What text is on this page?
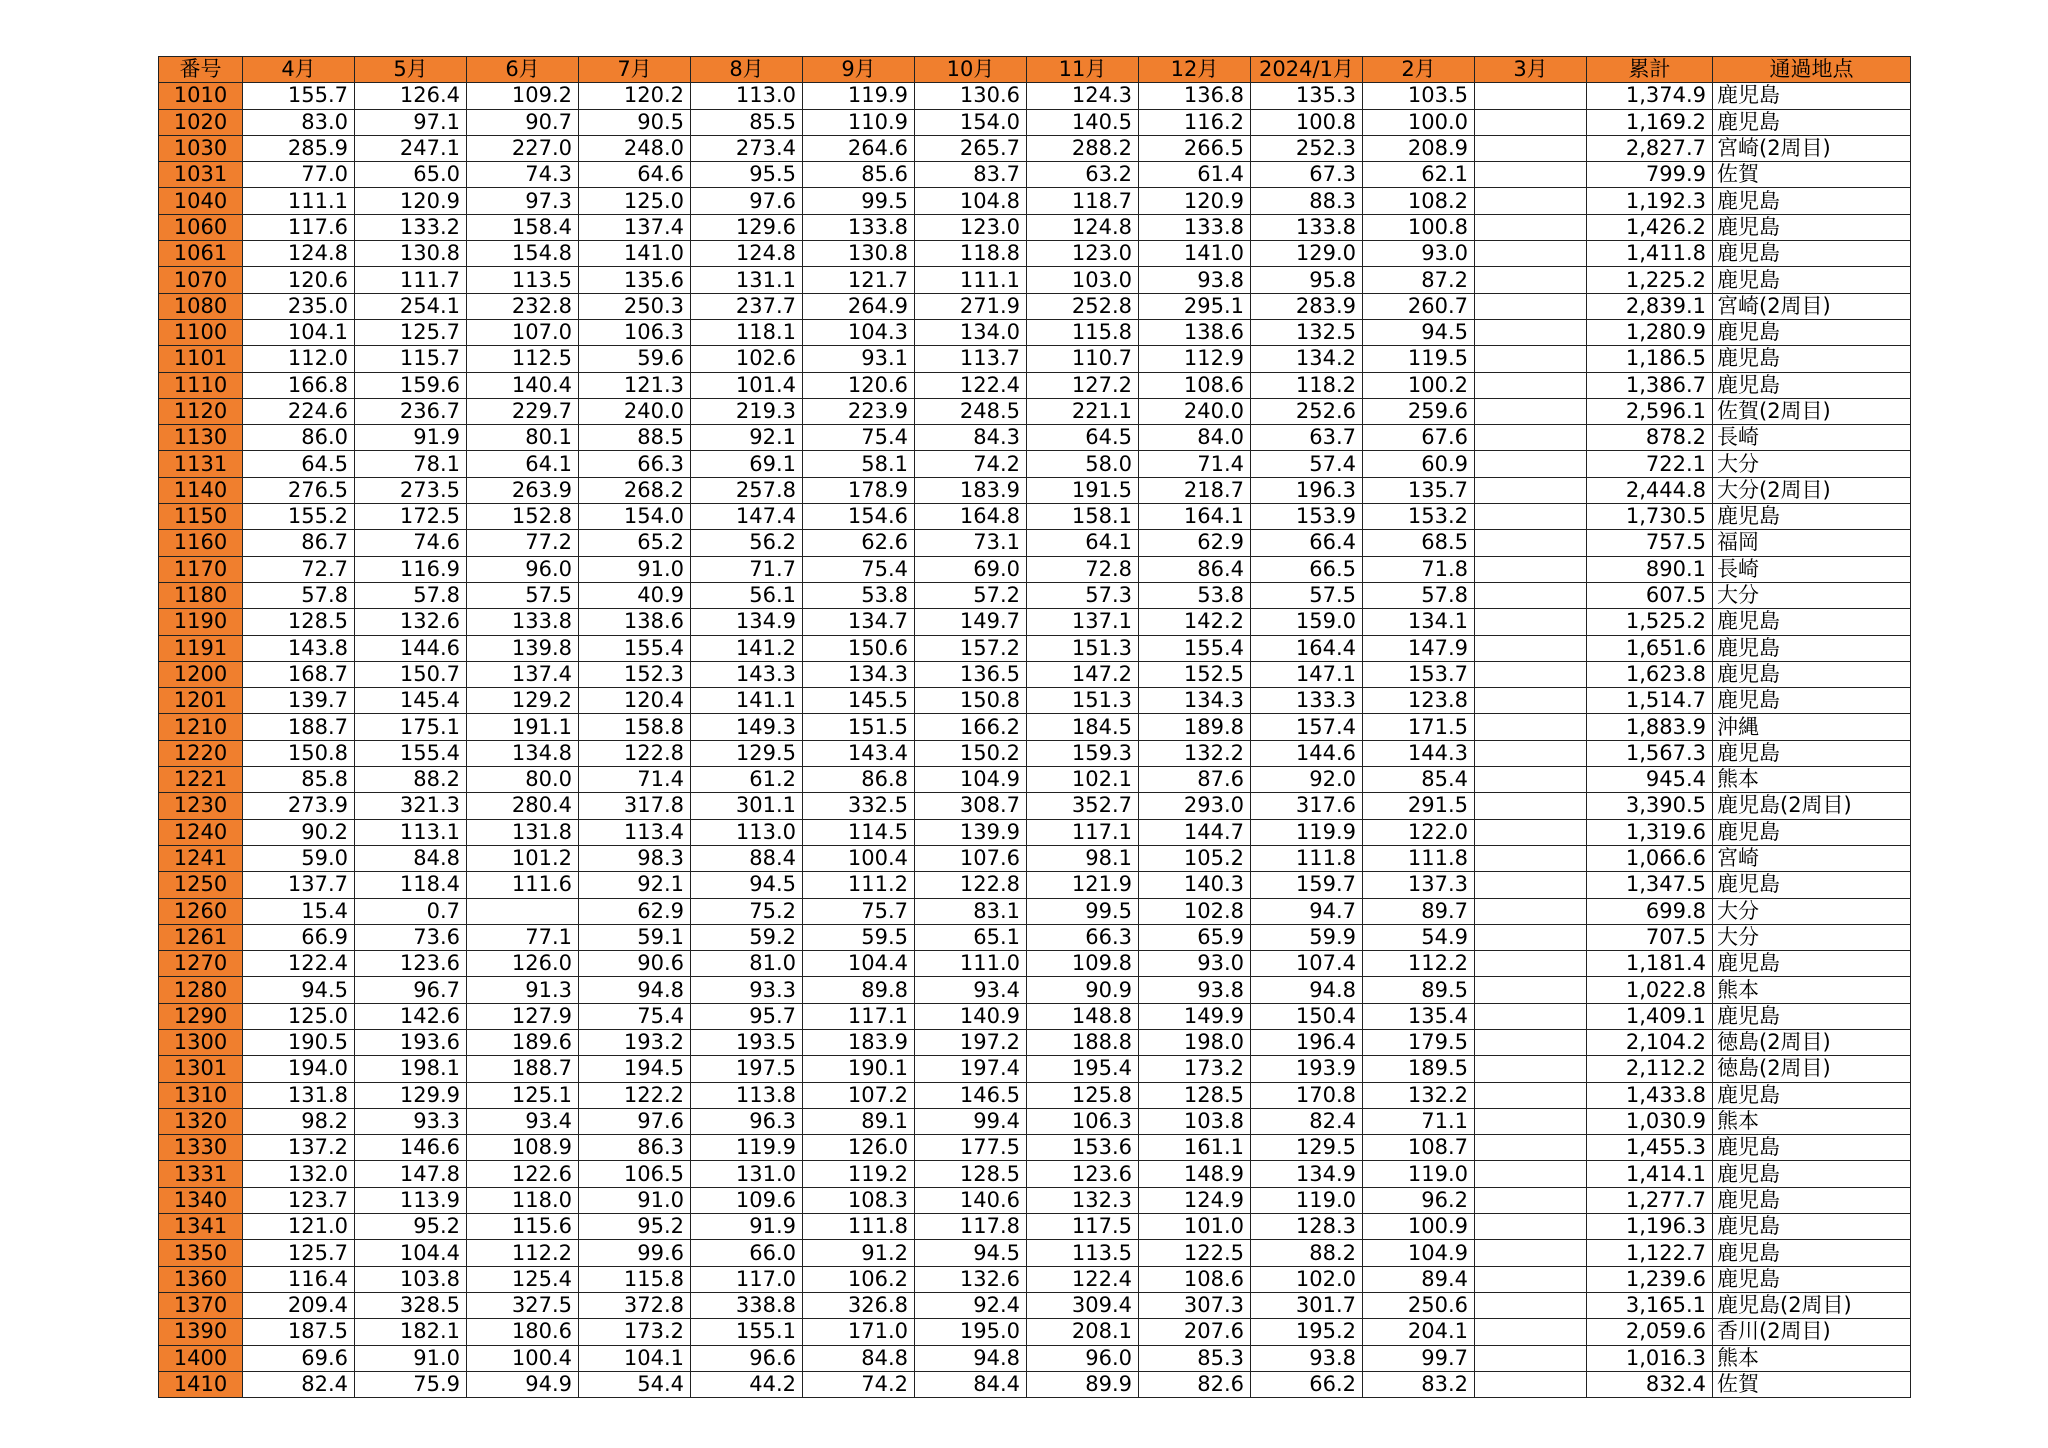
番号	4月	5月	6月	7月	8月	9月	10月	11月	12月	2024/1月	2月	3月	累計	通過地点
1010	155.7	126.4	109.2	120.2	113.0	119.9	130.6	124.3	136.8	135.3	103.5		1,374.9	鹿児島
1020	83.0	97.1	90.7	90.5	85.5	110.9	154.0	140.5	116.2	100.8	100.0		1,169.2	鹿児島
1030	285.9	247.1	227.0	248.0	273.4	264.6	265.7	288.2	266.5	252.3	208.9		2,827.7	宮崎(2周目)
1031	77.0	65.0	74.3	64.6	95.5	85.6	83.7	63.2	61.4	67.3	62.1		799.9	佐賀
1040	111.1	120.9	97.3	125.0	97.6	99.5	104.8	118.7	120.9	88.3	108.2		1,192.3	鹿児島
1060	117.6	133.2	158.4	137.4	129.6	133.8	123.0	124.8	133.8	133.8	100.8		1,426.2	鹿児島
1061	124.8	130.8	154.8	141.0	124.8	130.8	118.8	123.0	141.0	129.0	93.0		1,411.8	鹿児島
1070	120.6	111.7	113.5	135.6	131.1	121.7	111.1	103.0	93.8	95.8	87.2		1,225.2	鹿児島
1080	235.0	254.1	232.8	250.3	237.7	264.9	271.9	252.8	295.1	283.9	260.7		2,839.1	宮崎(2周目)
1100	104.1	125.7	107.0	106.3	118.1	104.3	134.0	115.8	138.6	132.5	94.5		1,280.9	鹿児島
1101	112.0	115.7	112.5	59.6	102.6	93.1	113.7	110.7	112.9	134.2	119.5		1,186.5	鹿児島
1110	166.8	159.6	140.4	121.3	101.4	120.6	122.4	127.2	108.6	118.2	100.2		1,386.7	鹿児島
1120	224.6	236.7	229.7	240.0	219.3	223.9	248.5	221.1	240.0	252.6	259.6		2,596.1	佐賀(2周目)
1130	86.0	91.9	80.1	88.5	92.1	75.4	84.3	64.5	84.0	63.7	67.6		878.2	長崎
1131	64.5	78.1	64.1	66.3	69.1	58.1	74.2	58.0	71.4	57.4	60.9		722.1	大分
1140	276.5	273.5	263.9	268.2	257.8	178.9	183.9	191.5	218.7	196.3	135.7		2,444.8	大分(2周目)
1150	155.2	172.5	152.8	154.0	147.4	154.6	164.8	158.1	164.1	153.9	153.2		1,730.5	鹿児島
1160	86.7	74.6	77.2	65.2	56.2	62.6	73.1	64.1	62.9	66.4	68.5		757.5	福岡
1170	72.7	116.9	96.0	91.0	71.7	75.4	69.0	72.8	86.4	66.5	71.8		890.1	長崎
1180	57.8	57.8	57.5	40.9	56.1	53.8	57.2	57.3	53.8	57.5	57.8		607.5	大分
1190	128.5	132.6	133.8	138.6	134.9	134.7	149.7	137.1	142.2	159.0	134.1		1,525.2	鹿児島
1191	143.8	144.6	139.8	155.4	141.2	150.6	157.2	151.3	155.4	164.4	147.9		1,651.6	鹿児島
1200	168.7	150.7	137.4	152.3	143.3	134.3	136.5	147.2	152.5	147.1	153.7		1,623.8	鹿児島
1201	139.7	145.4	129.2	120.4	141.1	145.5	150.8	151.3	134.3	133.3	123.8		1,514.7	鹿児島
1210	188.7	175.1	191.1	158.8	149.3	151.5	166.2	184.5	189.8	157.4	171.5		1,883.9	沖縄
1220	150.8	155.4	134.8	122.8	129.5	143.4	150.2	159.3	132.2	144.6	144.3		1,567.3	鹿児島
1221	85.8	88.2	80.0	71.4	61.2	86.8	104.9	102.1	87.6	92.0	85.4		945.4	熊本
1230	273.9	321.3	280.4	317.8	301.1	332.5	308.7	352.7	293.0	317.6	291.5		3,390.5	鹿児島(2周目)
1240	90.2	113.1	131.8	113.4	113.0	114.5	139.9	117.1	144.7	119.9	122.0		1,319.6	鹿児島
1241	59.0	84.8	101.2	98.3	88.4	100.4	107.6	98.1	105.2	111.8	111.8		1,066.6	宮崎
1250	137.7	118.4	111.6	92.1	94.5	111.2	122.8	121.9	140.3	159.7	137.3		1,347.5	鹿児島
1260	15.4	0.7		62.9	75.2	75.7	83.1	99.5	102.8	94.7	89.7		699.8	大分
1261	66.9	73.6	77.1	59.1	59.2	59.5	65.1	66.3	65.9	59.9	54.9		707.5	大分
1270	122.4	123.6	126.0	90.6	81.0	104.4	111.0	109.8	93.0	107.4	112.2		1,181.4	鹿児島
1280	94.5	96.7	91.3	94.8	93.3	89.8	93.4	90.9	93.8	94.8	89.5		1,022.8	熊本
1290	125.0	142.6	127.9	75.4	95.7	117.1	140.9	148.8	149.9	150.4	135.4		1,409.1	鹿児島
1300	190.5	193.6	189.6	193.2	193.5	183.9	197.2	188.8	198.0	196.4	179.5		2,104.2	徳島(2周目)
1301	194.0	198.1	188.7	194.5	197.5	190.1	197.4	195.4	173.2	193.9	189.5		2,112.2	徳島(2周目)
1310	131.8	129.9	125.1	122.2	113.8	107.2	146.5	125.8	128.5	170.8	132.2		1,433.8	鹿児島
1320	98.2	93.3	93.4	97.6	96.3	89.1	99.4	106.3	103.8	82.4	71.1		1,030.9	熊本
1330	137.2	146.6	108.9	86.3	119.9	126.0	177.5	153.6	161.1	129.5	108.7		1,455.3	鹿児島
1331	132.0	147.8	122.6	106.5	131.0	119.2	128.5	123.6	148.9	134.9	119.0		1,414.1	鹿児島
1340	123.7	113.9	118.0	91.0	109.6	108.3	140.6	132.3	124.9	119.0	96.2		1,277.7	鹿児島
1341	121.0	95.2	115.6	95.2	91.9	111.8	117.8	117.5	101.0	128.3	100.9		1,196.3	鹿児島
1350	125.7	104.4	112.2	99.6	66.0	91.2	94.5	113.5	122.5	88.2	104.9		1,122.7	鹿児島
1360	116.4	103.8	125.4	115.8	117.0	106.2	132.6	122.4	108.6	102.0	89.4		1,239.6	鹿児島
1370	209.4	328.5	327.5	372.8	338.8	326.8	92.4	309.4	307.3	301.7	250.6		3,165.1	鹿児島(2周目)
1390	187.5	182.1	180.6	173.2	155.1	171.0	195.0	208.1	207.6	195.2	204.1		2,059.6	香川(2周目)
1400	69.6	91.0	100.4	104.1	96.6	84.8	94.8	96.0	85.3	93.8	99.7		1,016.3	熊本
1410	82.4	75.9	94.9	54.4	44.2	74.2	84.4	89.9	82.6	66.2	83.2		832.4	佐賀
